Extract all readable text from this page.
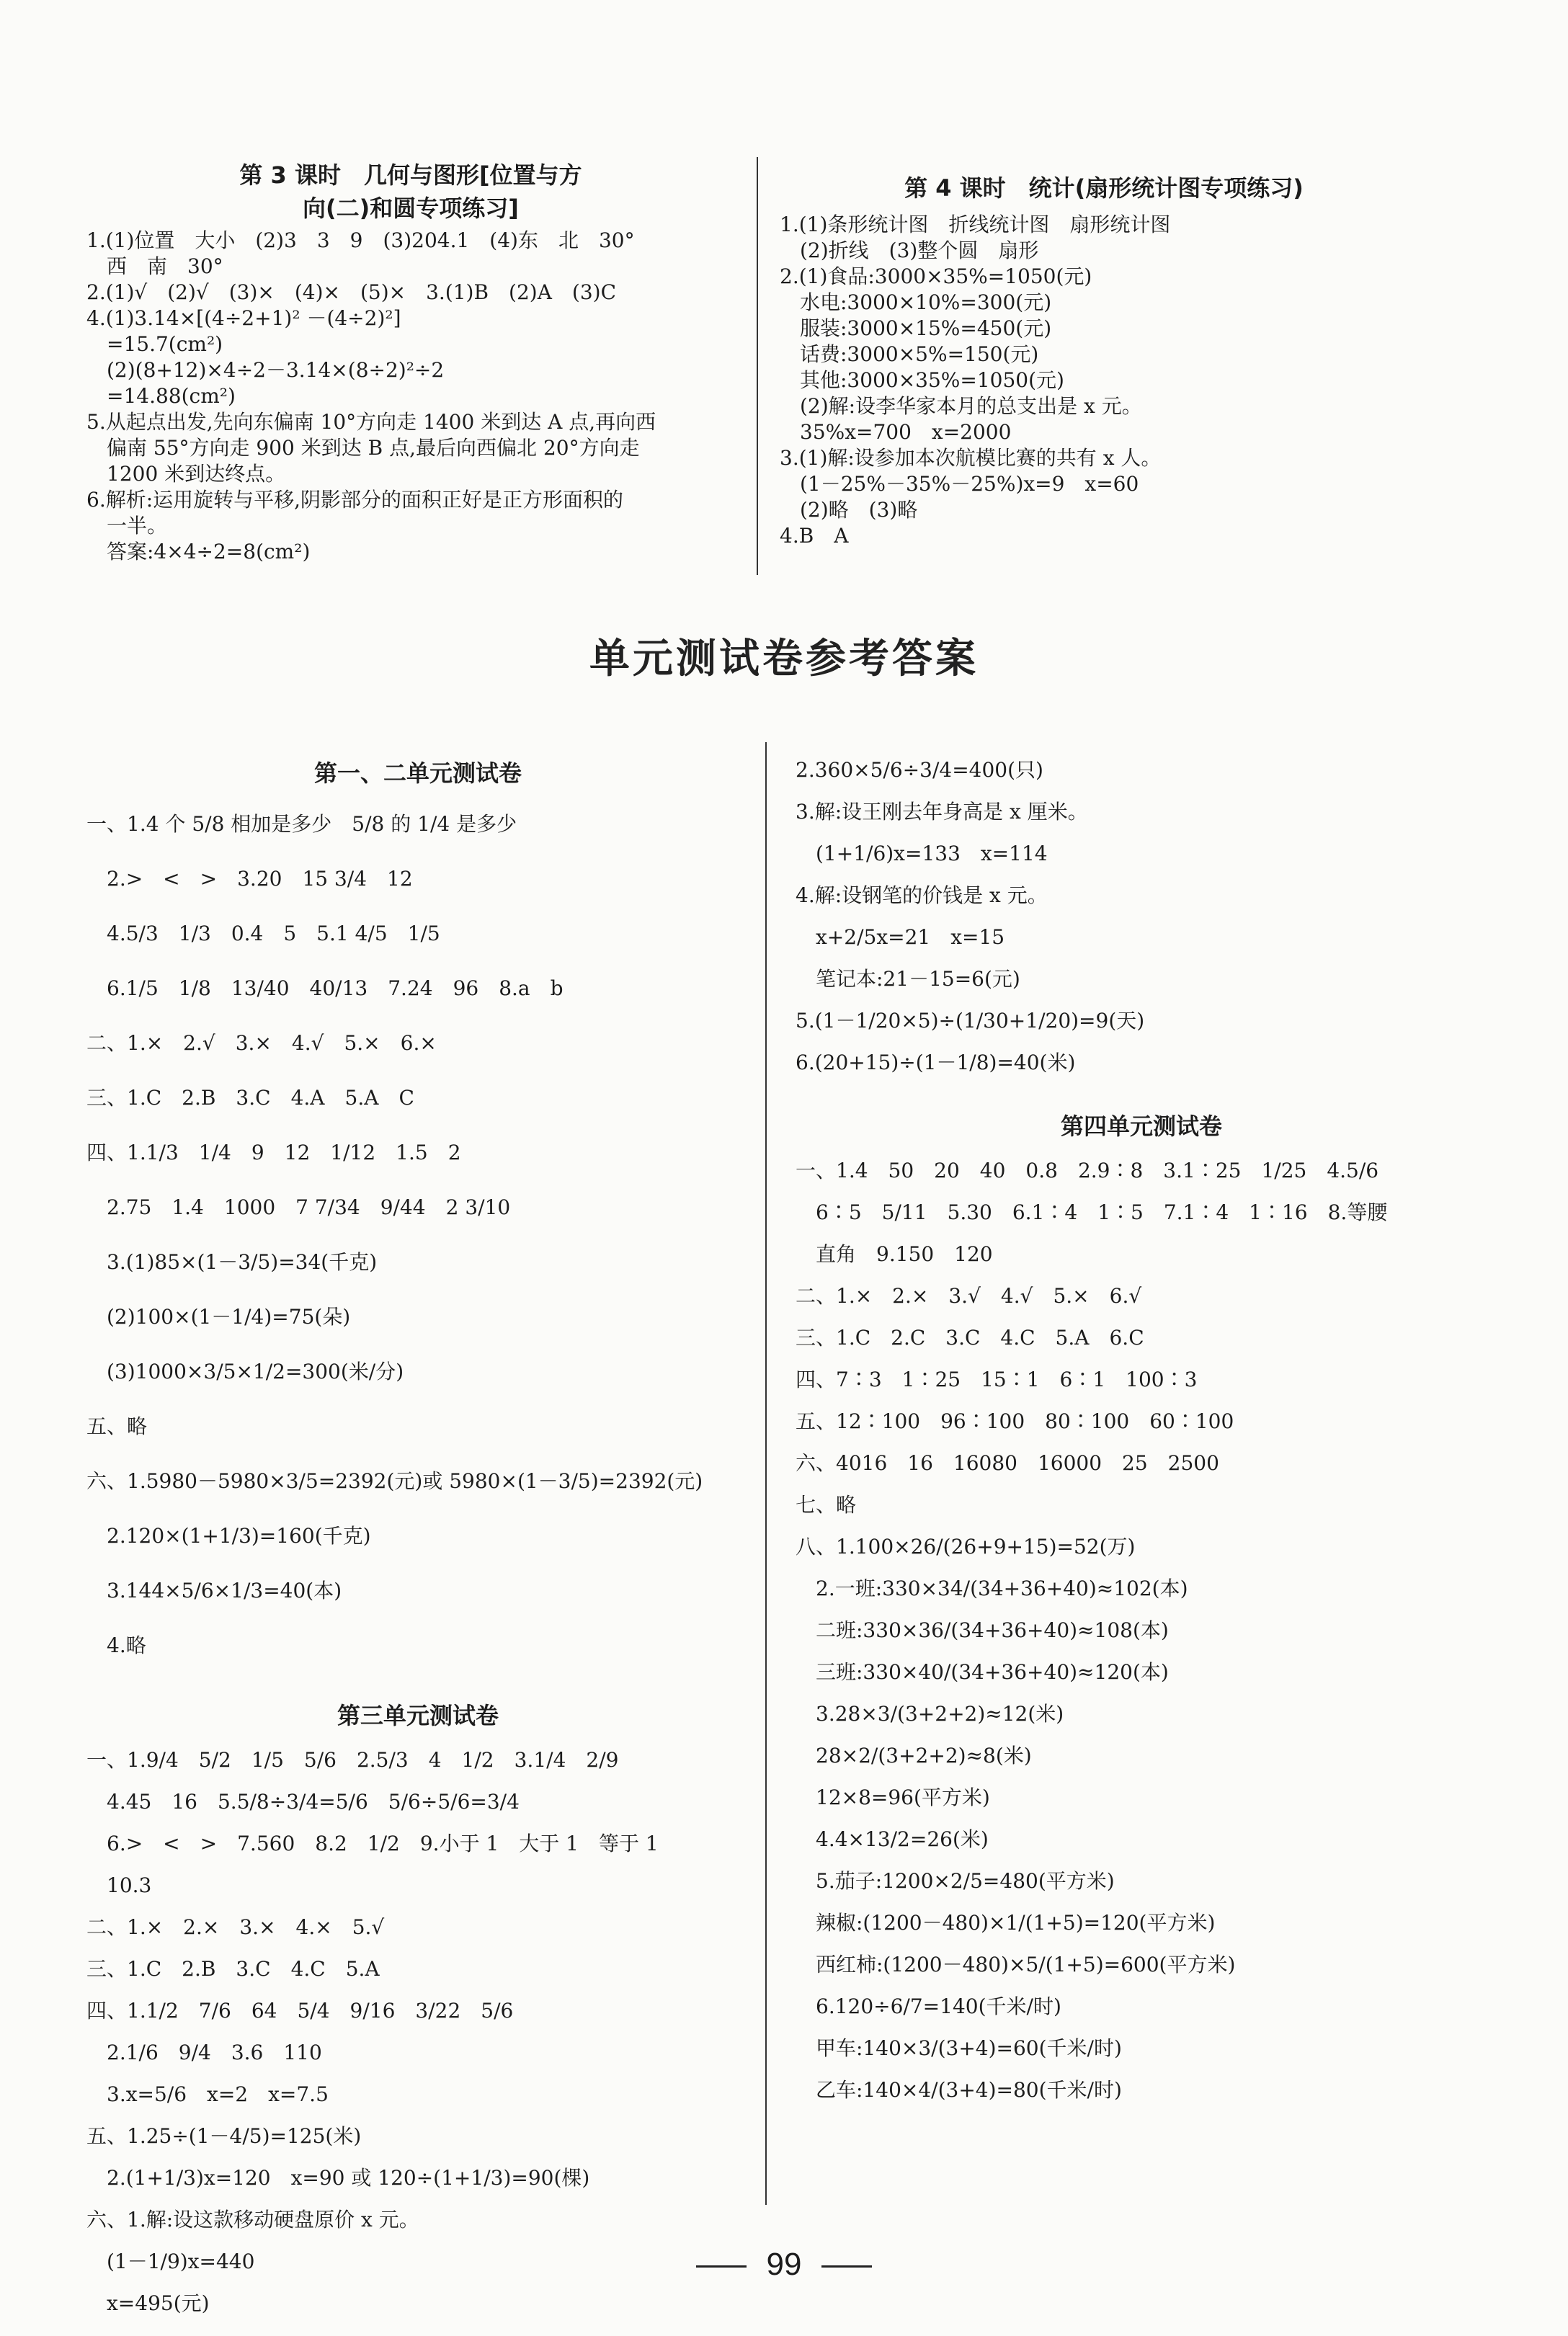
第 3 课时　几何与图形[位置与方
向(二)和圆专项练习]
1.(1)位置　大小　(2)3　3　9　(3)204.1　(4)东　北　30°
　西　南　30°
2.(1)√　(2)√　(3)×　(4)×　(5)×　3.(1)B　(2)A　(3)C
4.(1)3.14×[(4÷2+1)² －(4÷2)²]
　=15.7(cm²)
　(2)(8+12)×4÷2－3.14×(8÷2)²÷2
　=14.88(cm²)
5.从起点出发,先向东偏南 10°方向走 1400 米到达 A 点,再向西
　偏南 55°方向走 900 米到达 B 点,最后向西偏北 20°方向走
　1200 米到达终点。
6.解析:运用旋转与平移,阴影部分的面积正好是正方形面积的
　一半。
　答案:4×4÷2=8(cm²)
第 4 课时　统计(扇形统计图专项练习)
1.(1)条形统计图　折线统计图　扇形统计图
　(2)折线　(3)整个圆　扇形
2.(1)食品:3000×35%=1050(元)
　水电:3000×10%=300(元)
　服装:3000×15%=450(元)
　话费:3000×5%=150(元)
　其他:3000×35%=1050(元)
　(2)解:设李华家本月的总支出是 x 元。
　35%x=700　x=2000
3.(1)解:设参加本次航模比赛的共有 x 人。
　(1－25%－35%－25%)x=9　x=60
　(2)略　(3)略
4.B　A
单元测试卷参考答案
第一、二单元测试卷
一、1.4 个 5/8 相加是多少　5/8 的 1/4 是多少
　2.>　<　>　3.20　15 3/4　12
　4.5/3　1/3　0.4　5　5.1 4/5　1/5
　6.1/5　1/8　13/40　40/13　7.24　96　8.a　b
二、1.×　2.√　3.×　4.√　5.×　6.×
三、1.C　2.B　3.C　4.A　5.A　C
四、1.1/3　1/4　9　12　1/12　1.5　2
　2.75　1.4　1000　7 7/34　9/44　2 3/10
　3.(1)85×(1－3/5)=34(千克)
　(2)100×(1－1/4)=75(朵)
　(3)1000×3/5×1/2=300(米/分)
五、略
六、1.5980－5980×3/5=2392(元)或 5980×(1－3/5)=2392(元)
　2.120×(1+1/3)=160(千克)
　3.144×5/6×1/3=40(本)
　4.略
第三单元测试卷
一、1.9/4　5/2　1/5　5/6　2.5/3　4　1/2　3.1/4　2/9
　4.45　16　5.5/8÷3/4=5/6　5/6÷5/6=3/4
　6.>　<　>　7.560　8.2　1/2　9.小于 1　大于 1　等于 1
　10.3
二、1.×　2.×　3.×　4.×　5.√
三、1.C　2.B　3.C　4.C　5.A
四、1.1/2　7/6　64　5/4　9/16　3/22　5/6
　2.1/6　9/4　3.6　110
　3.x=5/6　x=2　x=7.5
五、1.25÷(1－4/5)=125(米)
　2.(1+1/3)x=120　x=90 或 120÷(1+1/3)=90(棵)
六、1.解:设这款移动硬盘原价 x 元。
　(1－1/9)x=440
　x=495(元)
2.360×5/6÷3/4=400(只)
3.解:设王刚去年身高是 x 厘米。
　(1+1/6)x=133　x=114
4.解:设钢笔的价钱是 x 元。
　x+2/5x=21　x=15
　笔记本:21－15=6(元)
5.(1－1/20×5)÷(1/30+1/20)=9(天)
6.(20+15)÷(1－1/8)=40(米)
第四单元测试卷
一、1.4　50　20　40　0.8　2.9∶8　3.1∶25　1/25　4.5/6
　6∶5　5/11　5.30　6.1∶4　1∶5　7.1∶4　1∶16　8.等腰
　直角　9.150　120
二、1.×　2.×　3.√　4.√　5.×　6.√
三、1.C　2.C　3.C　4.C　5.A　6.C
四、7∶3　1∶25　15∶1　6∶1　100∶3
五、12∶100　96∶100　80∶100　60∶100
六、4016　16　16080　16000　25　2500
七、略
八、1.100×26/(26+9+15)=52(万)
　2.一班:330×34/(34+36+40)≈102(本)
　二班:330×36/(34+36+40)≈108(本)
　三班:330×40/(34+36+40)≈120(本)
　3.28×3/(3+2+2)≈12(米)
　28×2/(3+2+2)≈8(米)
　12×8=96(平方米)
　4.4×13/2=26(米)
　5.茄子:1200×2/5=480(平方米)
　辣椒:(1200－480)×1/(1+5)=120(平方米)
　西红柿:(1200－480)×5/(1+5)=600(平方米)
　6.120÷6/7=140(千米/时)
　甲车:140×3/(3+4)=60(千米/时)
　乙车:140×4/(3+4)=80(千米/时)
99
